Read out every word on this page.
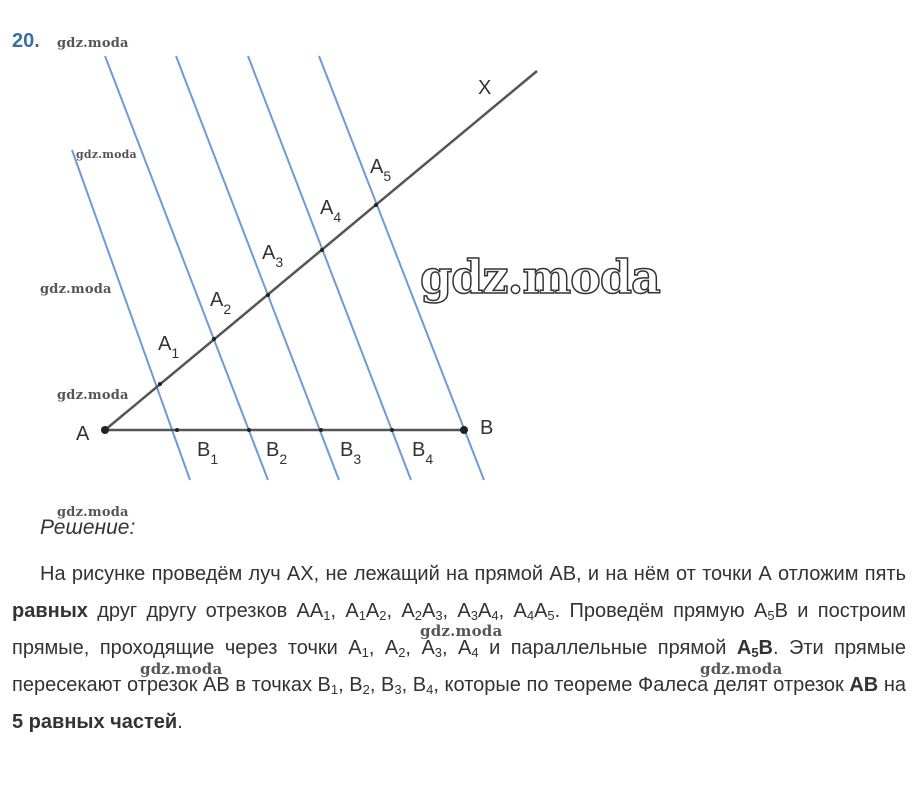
20.
A	B
X
$A_1$
$A_2$
$A_3$
$A_4$
$A_5$
$B_1$ $B_2$	$B_3$	$B_4$
gdz.moda
gdz.moda
gdz.moda
gdz.moda
gdz.moda
gdz.moda
Решение:
На рисунке проведём луч АХ, не лежащий на прямой АВ, и на нём от точки А отложим пять равных друг другу отрезков $АА_1$, $А_1А_2$, $А_2А_3$, $А_3А_4$, $А_4А_5$. Проведём прямую $А_5В$ и построим прямые, проходящие через точки $А_1$, $А_2$, $А_3$, $А_4$ и параллельные прямой $А_5В$. Эти прямые пересекают отрезок АВ в точках $В_1$, $В_2$, $В_3$, $В_4$, которые по теореме Фалеса делят отрезок АВ на 5 равных частей.
gdz.moda
gdz.moda	gdz.moda
